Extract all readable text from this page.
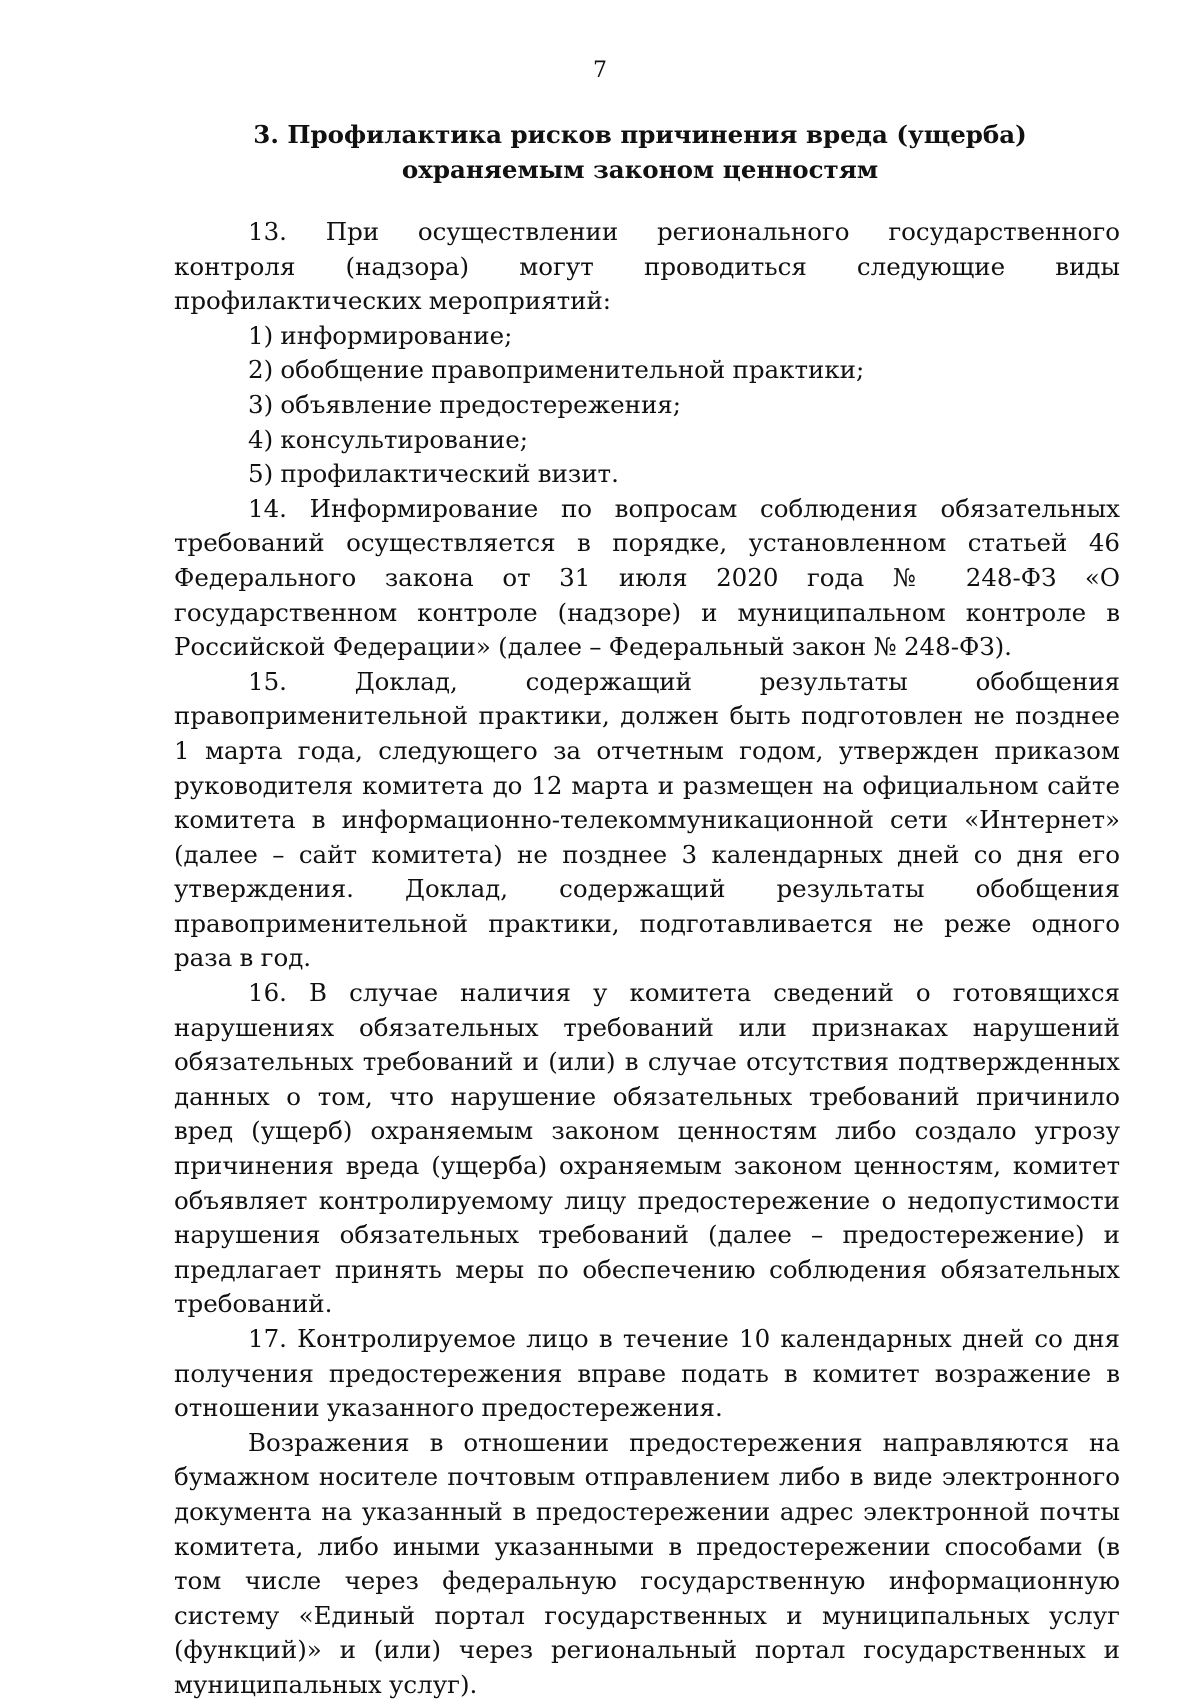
7
3. Профилактика рисков причинения вреда (ущерба)
охраняемым законом ценностям

13. При осуществлении регионального государственного контроля (надзора) могут проводиться следующие виды профилактических мероприятий:

1) информирование;

2) обобщение правоприменительной практики;

3) объявление предостережения;

4) консультирование;

5) профилактический визит.

14. Информирование по вопросам соблюдения обязательных требований осуществляется в порядке, установленном статьей 46 Федерального закона от 31 июля 2020 года № 248-ФЗ «О государственном контроле (надзоре) и муниципальном контроле в Российской Федерации» (далее – Федеральный закон № 248-ФЗ).

15. Доклад, содержащий результаты обобщения правоприменительной практики, должен быть подготовлен не позднее 1 марта года, следующего за отчетным годом, утвержден приказом руководителя комитета до 12 марта и размещен на официальном сайте комитета в информационно-телекоммуникационной сети «Интернет» (далее – сайт комитета) не позднее 3 календарных дней со дня его утверждения. Доклад, содержащий результаты обобщения правоприменительной практики, подготавливается не реже одного раза в год.

16. В случае наличия у комитета сведений о готовящихся нарушениях обязательных требований или признаках нарушений обязательных требований и (или) в случае отсутствия подтвержденных данных о том, что нарушение обязательных требований причинило вред (ущерб) охраняемым законом ценностям либо создало угрозу причинения вреда (ущерба) охраняемым законом ценностям, комитет объявляет контролируемому лицу предостережение о недопустимости нарушения обязательных требований (далее – предостережение) и предлагает принять меры по обеспечению соблюдения обязательных требований.

17. Контролируемое лицо в течение 10 календарных дней со дня получения предостережения вправе подать в комитет возражение в отношении указанного предостережения.

Возражения в отношении предостережения направляются на бумажном носителе почтовым отправлением либо в виде электронного документа на указанный в предостережении адрес электронной почты комитета, либо иными указанными в предостережении способами (в том числе через федеральную государственную информационную систему «Единый портал государственных и муниципальных услуг (функций)» и (или) через региональный портал государственных и муниципальных услуг).
